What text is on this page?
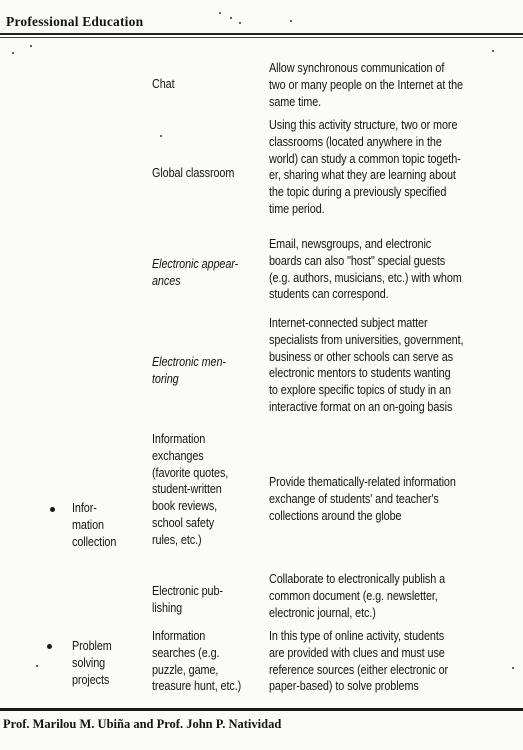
Professional Education
Chat
Allow synchronous communication of
two or many people on the Internet at the
same time.
Global classroom
Using this activity structure, two or more
classrooms (located anywhere in the
world) can study a common topic togeth-
er, sharing what they are learning about
the topic during a previously specified
time period.
Electronic appear-
ances
Email, newsgroups, and electronic
boards can also "host" special guests
(e.g. authors, musicians, etc.) with whom
students can correspond.
Electronic men-
toring
Internet-connected subject matter
specialists from universities, government,
business or other schools can serve as
electronic mentors to students wanting
to explore specific topics of study in an
interactive format on an on-going basis
Infor-
mation
collection
Information
exchanges
(favorite quotes,
student-written
book reviews,
school safety
rules, etc.)
Provide thematically-related information
exchange of students' and teacher's
collections around the globe
Electronic pub-
lishing
Collaborate to electronically publish a
common document (e.g. newsletter,
electronic journal, etc.)
Problem
solving
projects
Information
searches (e.g.
puzzle, game,
treasure hunt, etc.)
In this type of online activity, students
are provided with clues and must use
reference sources (either electronic or
paper-based) to solve problems
Prof. Marilou M. Ubiña and Prof. John P. Natividad
